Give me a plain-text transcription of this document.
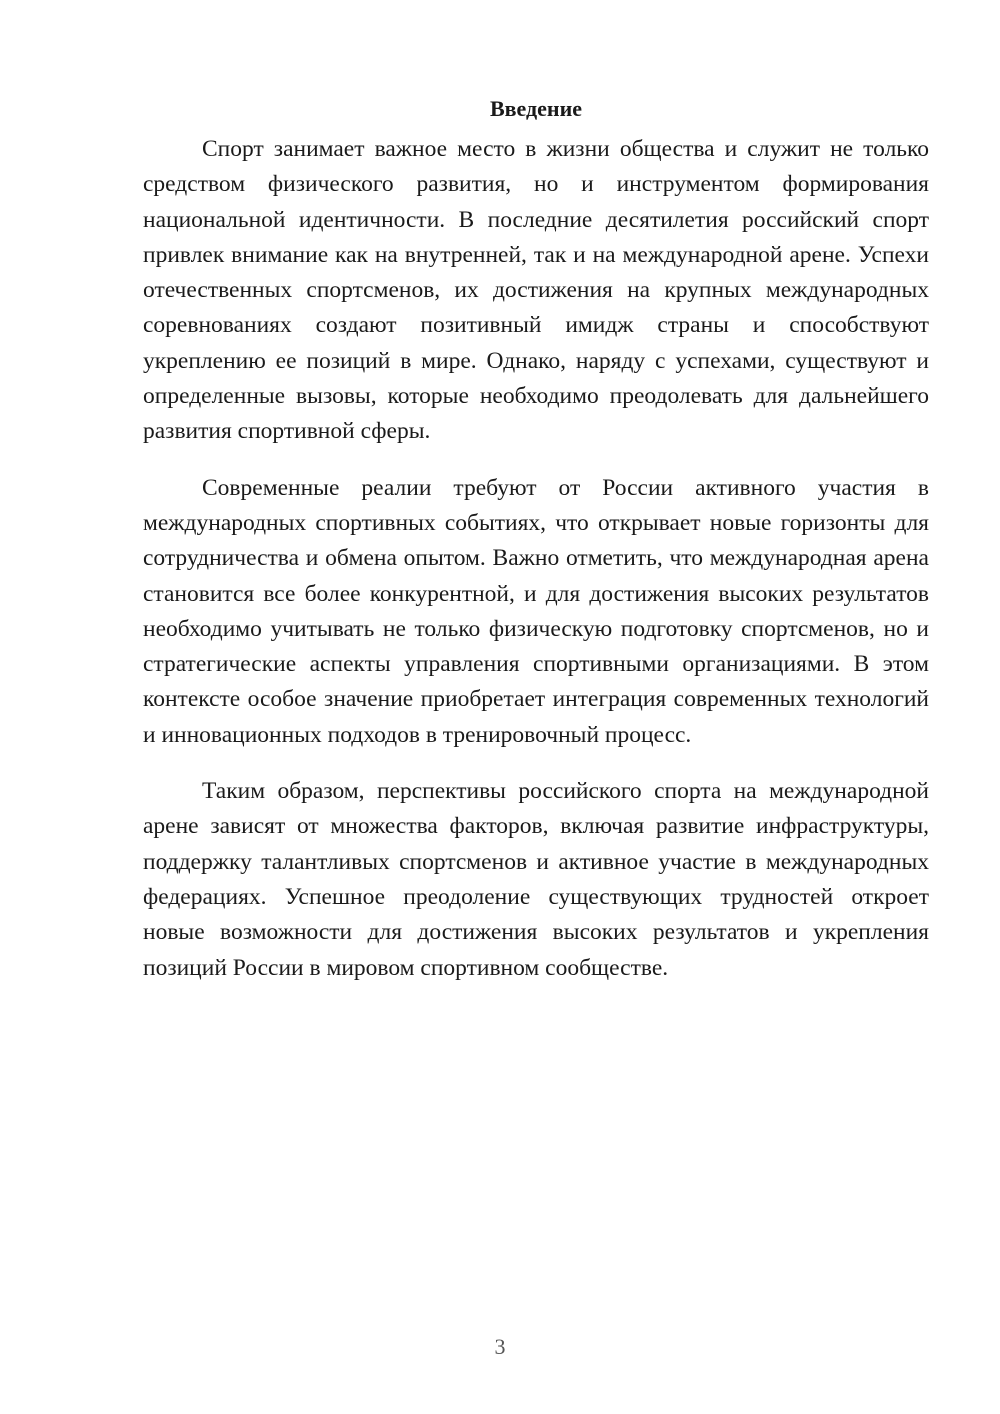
Введение

Спорт занимает важное место в жизни общества и служит не только средством физического развития, но и инструментом формирования национальной идентичности. В последние десятилетия российский спорт привлек внимание как на внутренней, так и на международной арене. Успехи отечественных спортсменов, их достижения на крупных международных соревнованиях создают позитивный имидж страны и способствуют укреплению ее позиций в мире. Однако, наряду с успехами, существуют и определенные вызовы, которые необходимо преодолевать для дальнейшего развития спортивной сферы.

Современные реалии требуют от России активного участия в международных спортивных событиях, что открывает новые горизонты для сотрудничества и обмена опытом. Важно отметить, что международная арена становится все более конкурентной, и для достижения высоких результатов необходимо учитывать не только физическую подготовку спортсменов, но и стратегические аспекты управления спортивными организациями. В этом контексте особое значение приобретает интеграция современных технологий и инновационных подходов в тренировочный процесс.

Таким образом, перспективы российского спорта на международной арене зависят от множества факторов, включая развитие инфраструктуры, поддержку талантливых спортсменов и активное участие в международных федерациях. Успешное преодоление существующих трудностей откроет новые возможности для достижения высоких результатов и укрепления позиций России в мировом спортивном сообществе.

3
